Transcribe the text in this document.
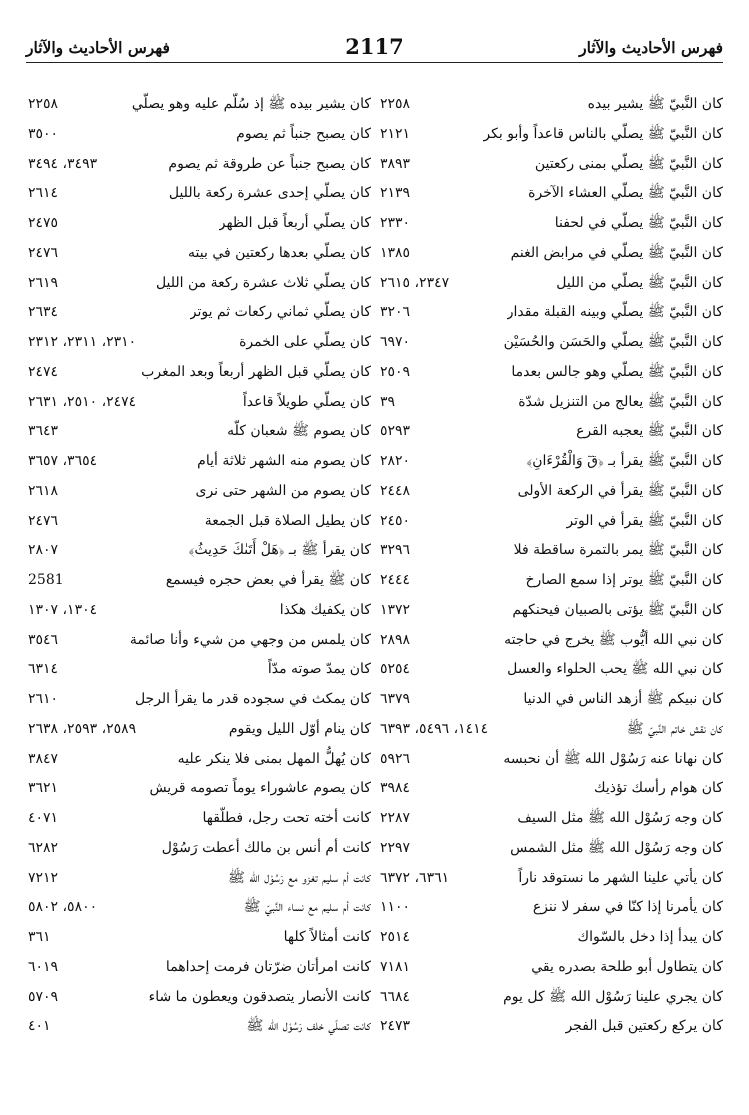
فهرس الأحاديث والآثار	2117	فهرس الأحاديث والآثار
كان النَّبيّ ﷺ يشير بيده
٢٢٥٨
كان النَّبيّ ﷺ يصلّي بالناس قاعداً وأبو بكر
٢١٢١
كان النَّبيّ ﷺ يصلّي بمنى ركعتين
٣٨٩٣
كان النَّبيّ ﷺ يصلّي العشاء الآخرة
٢١٣٩
كان النَّبيّ ﷺ يصلّي في لحفنا
٢٣٣٠
كان النَّبيّ ﷺ يصلّي في مرابض الغنم
١٣٨٥
كان النَّبيّ ﷺ يصلّي من الليل
٢٣٤٧، ٢٦١٥
كان النَّبيّ ﷺ يصلّي وبينه القبلة مقدار
٣٢٠٦
كان النَّبيّ ﷺ يصلّي والحَسَن والحُسَيْن
٦٩٧٠
كان النَّبيّ ﷺ يصلّي وهو جالس بعدما
٢٥٠٩
كان النَّبيّ ﷺ يعالج من التنزيل شدّة
٣٩
كان النَّبيّ ﷺ يعجبه القرع
٥٢٩٣
كان النَّبيّ ﷺ يقرأ بـ ﴿قٓ وَالْقُرْءَانِ﴾
٢٨٢٠
كان النَّبيّ ﷺ يقرأ في الركعة الأولى
٢٤٤٨
كان النَّبيّ ﷺ يقرأ في الوتر
٢٤٥٠
كان النَّبيّ ﷺ يمر بالتمرة ساقطة فلا
٣٢٩٦
كان النَّبيّ ﷺ يوتر إذا سمع الصارخ
٢٤٤٤
كان النَّبيّ ﷺ يؤتى بالصبيان فيحنكهم
١٣٧٢
كان نبي الله أيُّوب ﷺ يخرج في حاجته
٢٨٩٨
كان نبي الله ﷺ يحب الحلواء والعسل
٥٢٥٤
كان نبيكم ﷺ أزهد الناس في الدنيا
٦٣٧٩
كان نقش خاتم النَّبيّ ﷺ
١٤١٤، ٥٤٩٦، ٦٣٩٣
كان نهانا عنه رَسُوْل الله ﷺ أن نحبسه
٥٩٢٦
كان هوام رأسك تؤذيك
٣٩٨٤
كان وجه رَسُوْل الله ﷺ مثل السيف
٢٢٨٧
كان وجه رَسُوْل الله ﷺ مثل الشمس
٢٢٩٧
كان يأتي علينا الشهر ما نستوقد ناراً
٦٣٦١، ٦٣٧٢
كان يأمرنا إذا كنّا في سفر لا ننزع
١١٠٠
كان يبدأ إذا دخل بالسّواك
٢٥١٤
كان يتطاول أبو طلحة بصدره يقي
٧١٨١
كان يجري علينا رَسُوْل الله ﷺ كل يوم
٦٦٨٤
كان يركع ركعتين قبل الفجر
٢٤٧٣
كان يشير بيده ﷺ إذ سُلّم عليه وهو يصلّي
٢٢٥٨
كان يصبح جنباً ثم يصوم
٣٥٠٠
كان يصبح جنباً عن طروقة ثم يصوم
٣٤٩٣، ٣٤٩٤
كان يصلّي إحدى عشرة ركعة بالليل
٢٦١٤
كان يصلّي أربعاً قبل الظهر
٢٤٧٥
كان يصلّي بعدها ركعتين في بيته
٢٤٧٦
كان يصلّي ثلاث عشرة ركعة من الليل
٢٦١٩
كان يصلّي ثماني ركعات ثم يوتر
٢٦٣٤
كان يصلّي على الخمرة
٢٣١٠، ٢٣١١، ٢٣١٢
كان يصلّي قبل الظهر أربعاً وبعد المغرب
٢٤٧٤
كان يصلّي طويلاً قاعداً
٢٤٧٤، ٢٥١٠، ٢٦٣١
كان يصوم ﷺ شعبان كلّه
٣٦٤٣
كان يصوم منه الشهر ثلاثة أيام
٣٦٥٤، ٣٦٥٧
كان يصوم من الشهر حتى نرى
٢٦١٨
كان يطيل الصلاة قبل الجمعة
٢٤٧٦
كان يقرأ ﷺ بـ ﴿هَلْ أَتَىٰكَ حَدِيثُ﴾
٢٨٠٧
كان ﷺ يقرأ في بعض حجره فيسمع
2581
كان يكفيك هكذا
١٣٠٤، ١٣٠٧
كان يلمس من وجهي من شيء وأنا صائمة
٣٥٤٦
كان يمدّ صوته مدّاً
٦٣١٤
كان يمكث في سجوده قدر ما يقرأ الرجل
٢٦١٠
كان ينام أوّل الليل ويقوم
٢٥٨٩، ٢٥٩٣، ٢٦٣٨
كان يُهلُّ المهل بمنى فلا ينكر عليه
٣٨٤٧
كان يصوم عاشوراء يوماً تصومه قريش
٣٦٢١
كانت أخته تحت رجل، فطلّقها
٤٠٧١
كانت أم أنس بن مالك أعطت رَسُوْل
٦٢٨٢
كانت أم سليم تغزو مع رَسُوْل الله ﷺ
٧٢١٢
كانت أم سليم مع نساء النَّبيّ ﷺ
٥٨٠٠، ٥٨٠٢
كانت أمثالاً كلها
٣٦١
كانت امرأتان ضرّتان فرمت إحداهما
٦٠١٩
كانت الأنصار يتصدقون ويعطون ما شاء
٥٧٠٩
كانت تصلّي خلف رَسُوْل الله ﷺ
٤٠١
